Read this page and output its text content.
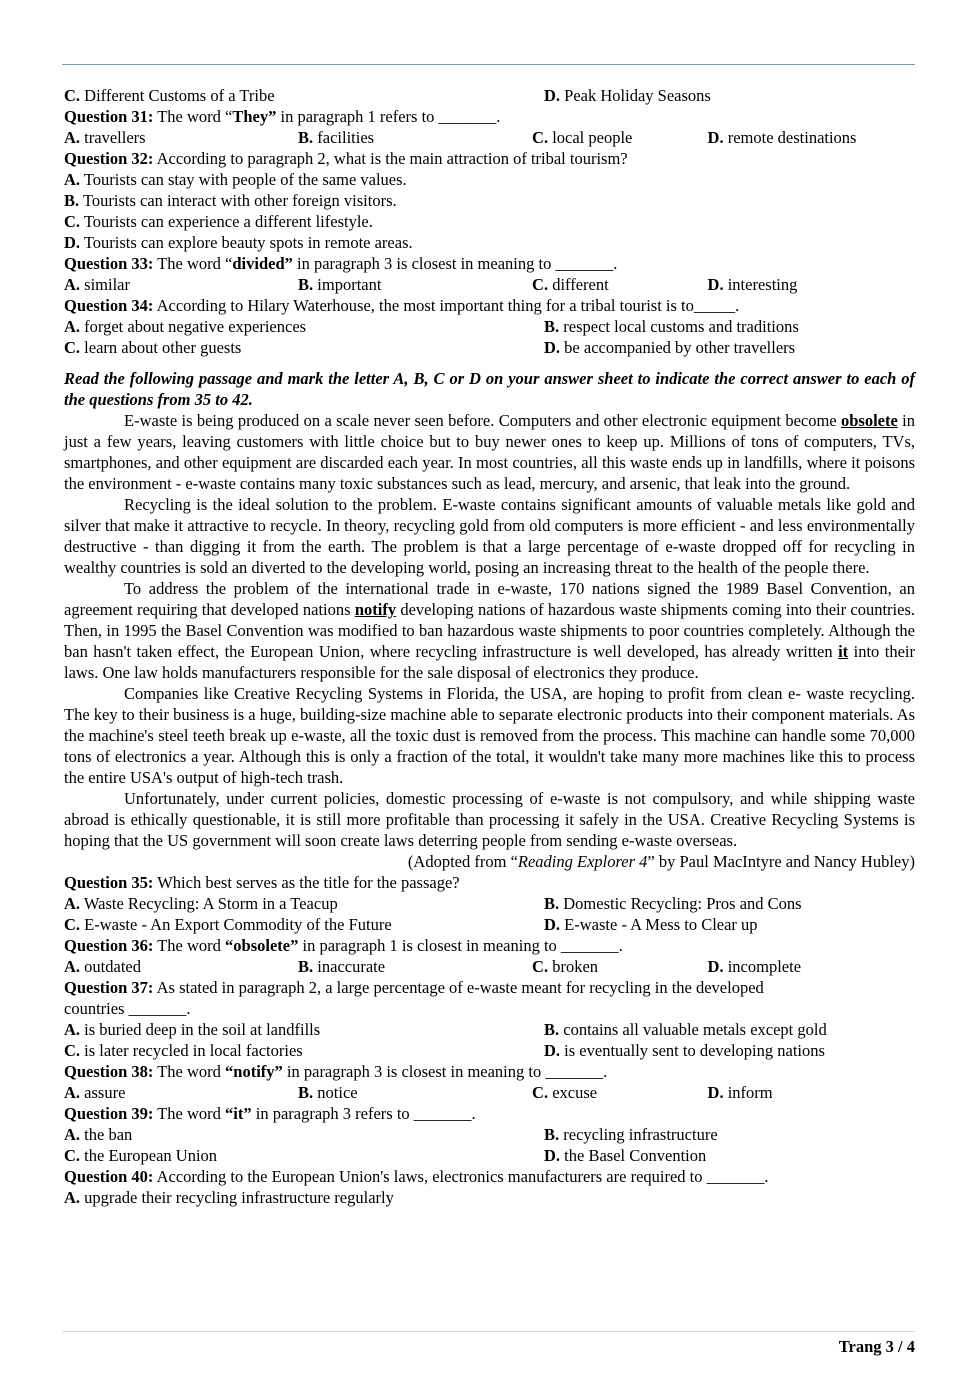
C. Different Customs of a Tribe	D. Peak Holiday Seasons
Question 31: The word “They” in paragraph 1 refers to _______.
A. travellers	B. facilities	C. local people	D. remote destinations
Question 32: According to paragraph 2, what is the main attraction of tribal tourism?
A. Tourists can stay with people of the same values.
B. Tourists can interact with other foreign visitors.
C. Tourists can experience a different lifestyle.
D. Tourists can explore beauty spots in remote areas.
Question 33: The word “divided” in paragraph 3 is closest in meaning to _______.
A. similar	B. important	C. different	D. interesting
Question 34: According to Hilary Waterhouse, the most important thing for a tribal tourist is to_____.
A. forget about negative experiences	B. respect local customs and traditions
C. learn about other guests	D. be accompanied by other travellers
Read the following passage and mark the letter A, B, C or D on your answer sheet to indicate the correct answer to each of the questions from 35 to 42.
E-waste is being produced on a scale never seen before. Computers and other electronic equipment become obsolete in just a few years, leaving customers with little choice but to buy newer ones to keep up. Millions of tons of computers, TVs, smartphones, and other equipment are discarded each year. In most countries, all this waste ends up in landfills, where it poisons the environment - e-waste contains many toxic substances such as lead, mercury, and arsenic, that leak into the ground.
Recycling is the ideal solution to the problem. E-waste contains significant amounts of valuable metals like gold and silver that make it attractive to recycle. In theory, recycling gold from old computers is more efficient - and less environmentally destructive - than digging it from the earth. The problem is that a large percentage of e-waste dropped off for recycling in wealthy countries is sold an diverted to the developing world, posing an increasing threat to the health of the people there.
To address the problem of the international trade in e-waste, 170 nations signed the 1989 Basel Convention, an agreement requiring that developed nations notify developing nations of hazardous waste shipments coming into their countries. Then, in 1995 the Basel Convention was modified to ban hazardous waste shipments to poor countries completely. Although the ban hasn't taken effect, the European Union, where recycling infrastructure is well developed, has already written it into their laws. One law holds manufacturers responsible for the sale disposal of electronics they produce.
Companies like Creative Recycling Systems in Florida, the USA, are hoping to profit from clean e- waste recycling. The key to their business is a huge, building-size machine able to separate electronic products into their component materials. As the machine's steel teeth break up e-waste, all the toxic dust is removed from the process. This machine can handle some 70,000 tons of electronics a year. Although this is only a fraction of the total, it wouldn't take many more machines like this to process the entire USA's output of high-tech trash.
Unfortunately, under current policies, domestic processing of e-waste is not compulsory, and while shipping waste abroad is ethically questionable, it is still more profitable than processing it safely in the USA. Creative Recycling Systems is hoping that the US government will soon create laws deterring people from sending e-waste overseas.
(Adopted from “Reading Explorer 4” by Paul MacIntyre and Nancy Hubley)
Question 35: Which best serves as the title for the passage?
A. Waste Recycling: A Storm in a Teacup	B. Domestic Recycling: Pros and Cons
C. E-waste - An Export Commodity of the Future	D. E-waste - A Mess to Clear up
Question 36: The word “obsolete” in paragraph 1 is closest in meaning to _______.
A. outdated	B. inaccurate	C. broken	D. incomplete
Question 37: As stated in paragraph 2, a large percentage of e-waste meant for recycling in the developed
countries _______.
A. is buried deep in the soil at landfills	B. contains all valuable metals except gold
C. is later recycled in local factories	D. is eventually sent to developing nations
Question 38: The word “notify” in paragraph 3 is closest in meaning to _______.
A. assure	B. notice	C. excuse	D. inform
Question 39: The word “it” in paragraph 3 refers to _______.
A. the ban	B. recycling infrastructure
C. the European Union	D. the Basel Convention
Question 40: According to the European Union's laws, electronics manufacturers are required to _______.
A. upgrade their recycling infrastructure regularly
Trang 3 / 4
